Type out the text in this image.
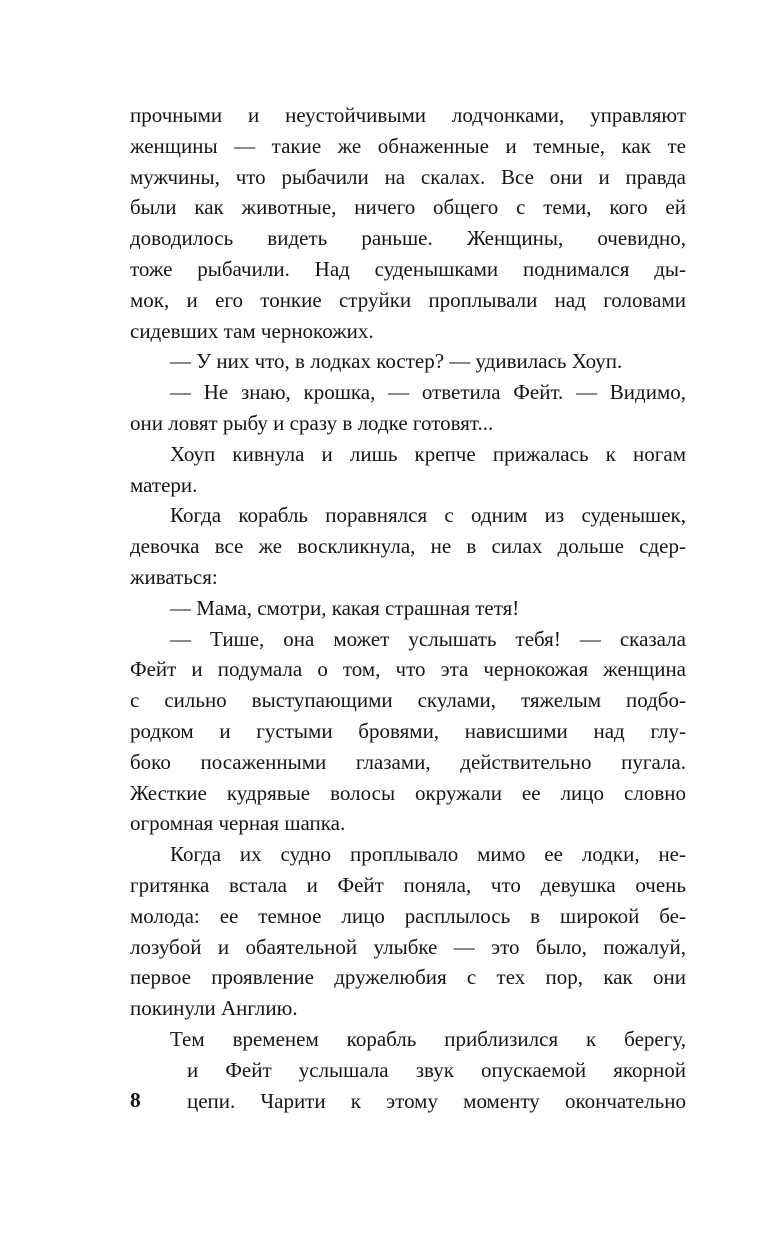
прочными и неустойчивыми лодчонками, управляют
женщины — такие же обнаженные и темные, как те
мужчины, что рыбачили на скалах. Все они и правда
были как животные, ничего общего с теми, кого ей
доводилось видеть раньше. Женщины, очевидно,
тоже рыбачили. Над суденышками поднимался ды-
мок, и его тонкие струйки проплывали над головами
сидевших там чернокожих.
— У них что, в лодках костер? — удивилась Хоуп.
— Не знаю, крошка, — ответила Фейт. — Видимо,
они ловят рыбу и сразу в лодке готовят...
Хоуп кивнула и лишь крепче прижалась к ногам
матери.
Когда корабль поравнялся с одним из суденышек,
девочка все же воскликнула, не в силах дольше сдер-
живаться:
— Мама, смотри, какая страшная тетя!
— Тише, она может услышать тебя! — сказала
Фейт и подумала о том, что эта чернокожая женщина
с сильно выступающими скулами, тяжелым подбо-
родком и густыми бровями, нависшими над глу-
боко посаженными глазами, действительно пугала.
Жесткие кудрявые волосы окружали ее лицо словно
огромная черная шапка.
Когда их судно проплывало мимо ее лодки, не-
гритянка встала и Фейт поняла, что девушка очень
молода: ее темное лицо расплылось в широкой бе-
лозубой и обаятельной улыбке — это было, пожалуй,
первое проявление дружелюбия с тех пор, как они
покинули Англию.
Тем временем корабль приблизился к берегу,
и Фейт услышала звук опускаемой якорной
цепи. Чарити к этому моменту окончательно
8
